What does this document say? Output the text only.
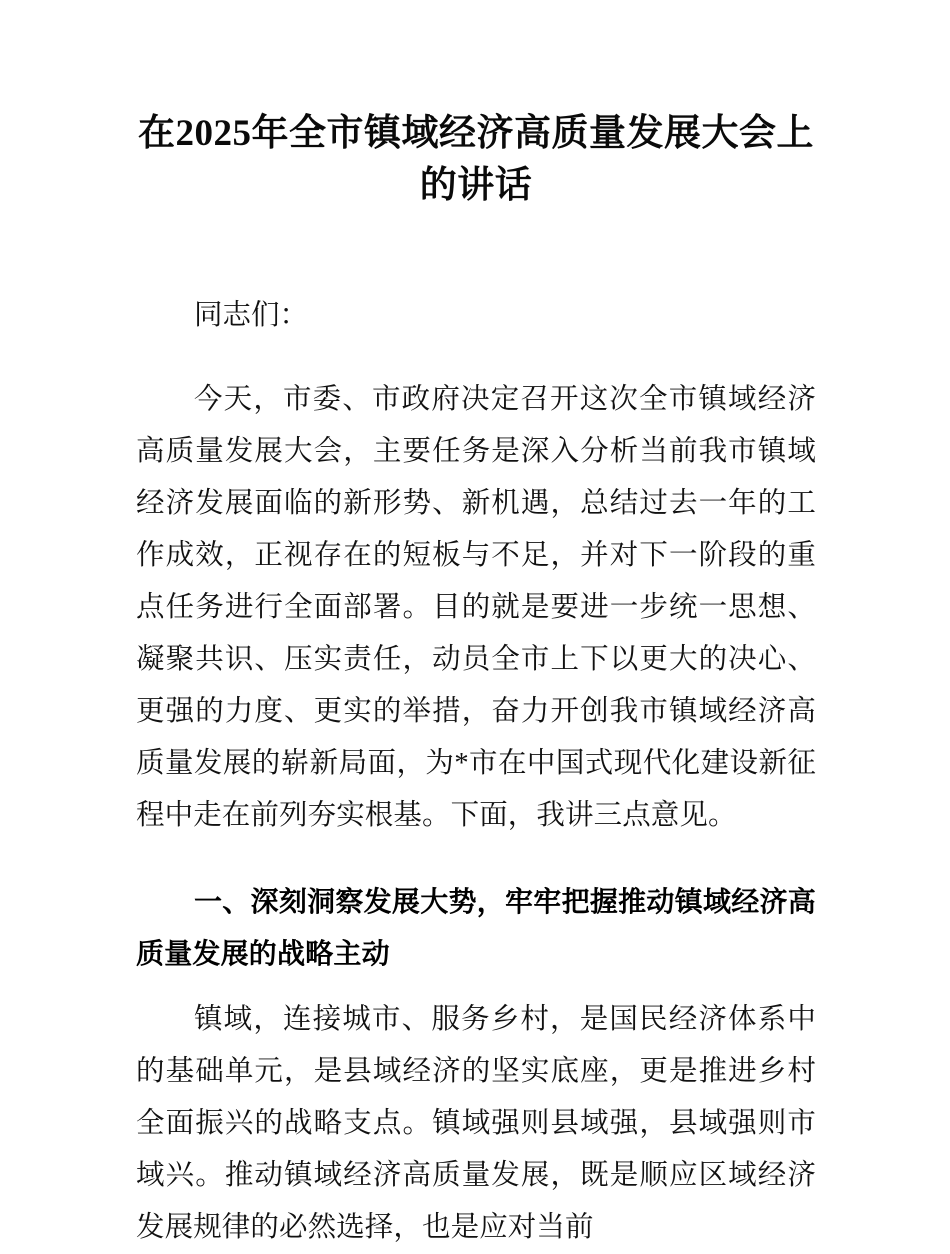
在2025年全市镇域经济高质量发展大会上的讲话

同志们：

今天，市委、市政府决定召开这次全市镇域经济高质量发展大会，主要任务是深入分析当前我市镇域经济发展面临的新形势、新机遇，总结过去一年的工作成效，正视存在的短板与不足，并对下一阶段的重点任务进行全面部署。目的就是要进一步统一思想、凝聚共识、压实责任，动员全市上下以更大的决心、更强的力度、更实的举措，奋力开创我市镇域经济高质量发展的崭新局面，为*市在中国式现代化建设新征程中走在前列夯实根基。下面，我讲三点意见。

一、深刻洞察发展大势，牢牢把握推动镇域经济高质量发展的战略主动

镇域，连接城市、服务乡村，是国民经济体系中的基础单元，是县域经济的坚实底座，更是推进乡村全面振兴的战略支点。镇域强则县域强，县域强则市域兴。推动镇域经济高质量发展，既是顺应区域经济发展规律的必然选择，也是应对当前
